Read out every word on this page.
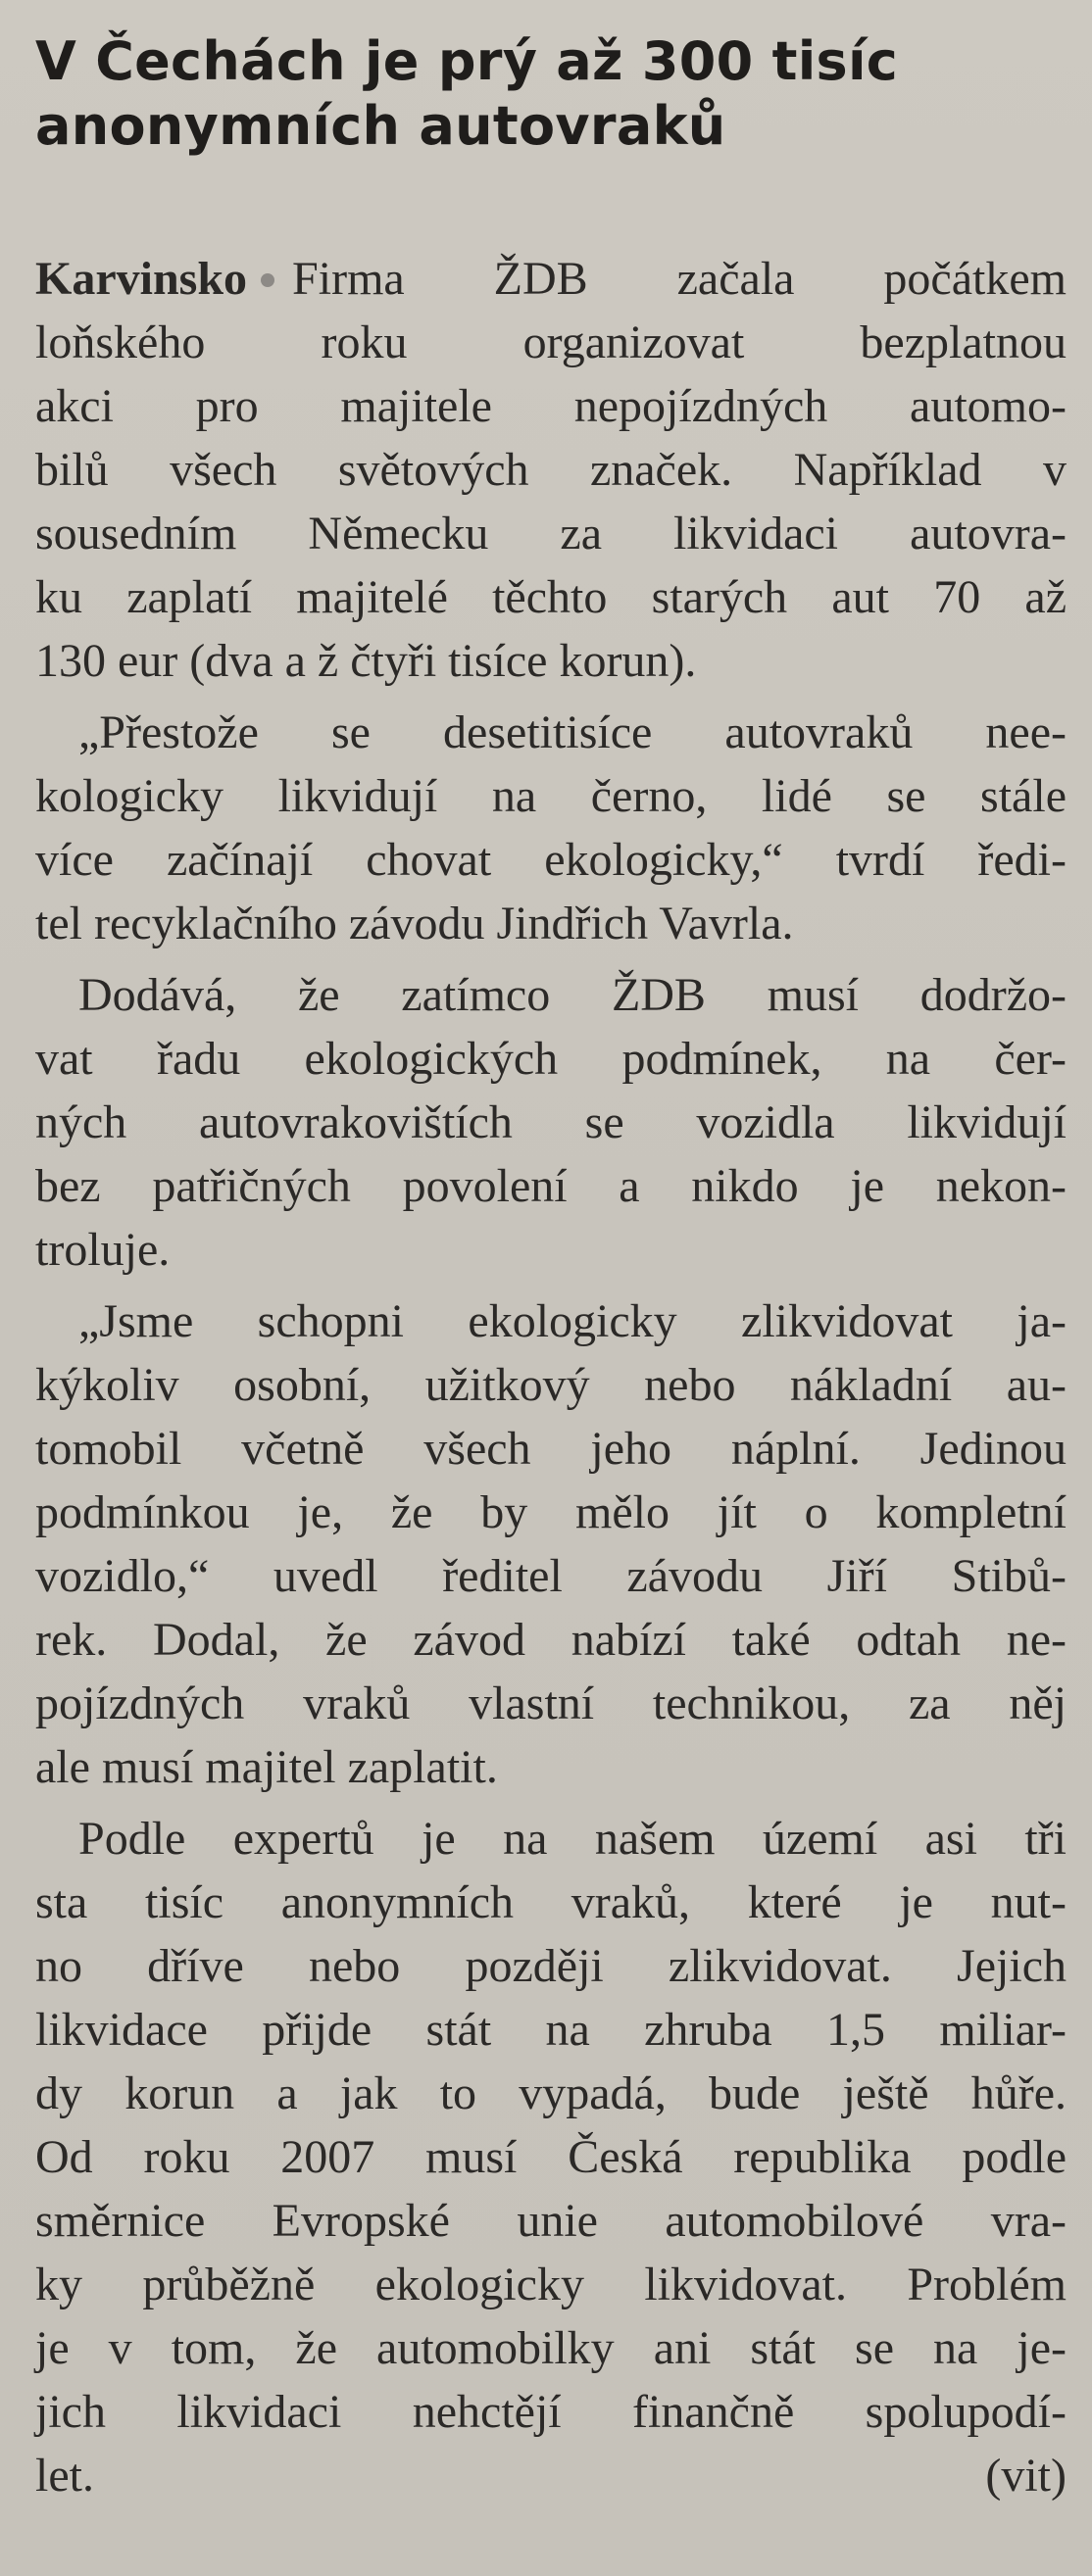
V Čechách je prý až 300 tisíc
anonymních autovraků
Karvinsko Firma ŽDB začala počátkem
loňského roku organizovat bezplatnou
akci pro majitele nepojízdných automo-
bilů všech světových značek. Například v
sousedním Německu za likvidaci autovra-
ku zaplatí majitelé těchto starých aut 70 až
130 eur (dva a ž čtyři tisíce korun).
„Přestože se desetitisíce autovraků nee-
kologicky likvidují na černo, lidé se stále
více začínají chovat ekologicky,“ tvrdí ředi-
tel recyklačního závodu Jindřich Vavrla.
Dodává, že zatímco ŽDB musí dodržo-
vat řadu ekologických podmínek, na čer-
ných autovrakovištích se vozidla likvidují
bez patřičných povolení a nikdo je nekon-
troluje.
„Jsme schopni ekologicky zlikvidovat ja-
kýkoliv osobní, užitkový nebo nákladní au-
tomobil včetně všech jeho náplní. Jedinou
podmínkou je, že by mělo jít o kompletní
vozidlo,“ uvedl ředitel závodu Jiří Stibů-
rek. Dodal, že závod nabízí také odtah ne-
pojízdných vraků vlastní technikou, za něj
ale musí majitel zaplatit.
Podle expertů je na našem území asi tři
sta tisíc anonymních vraků, které je nut-
no dříve nebo později zlikvidovat. Jejich
likvidace přijde stát na zhruba 1,5 miliar-
dy korun a jak to vypadá, bude ještě hůře.
Od roku 2007 musí Česká republika podle
směrnice Evropské unie automobilové vra-
ky průběžně ekologicky likvidovat. Problém
je v tom, že automobilky ani stát se na je-
jich likvidaci nehctějí finančně spolupodí-
let.	(vit)
